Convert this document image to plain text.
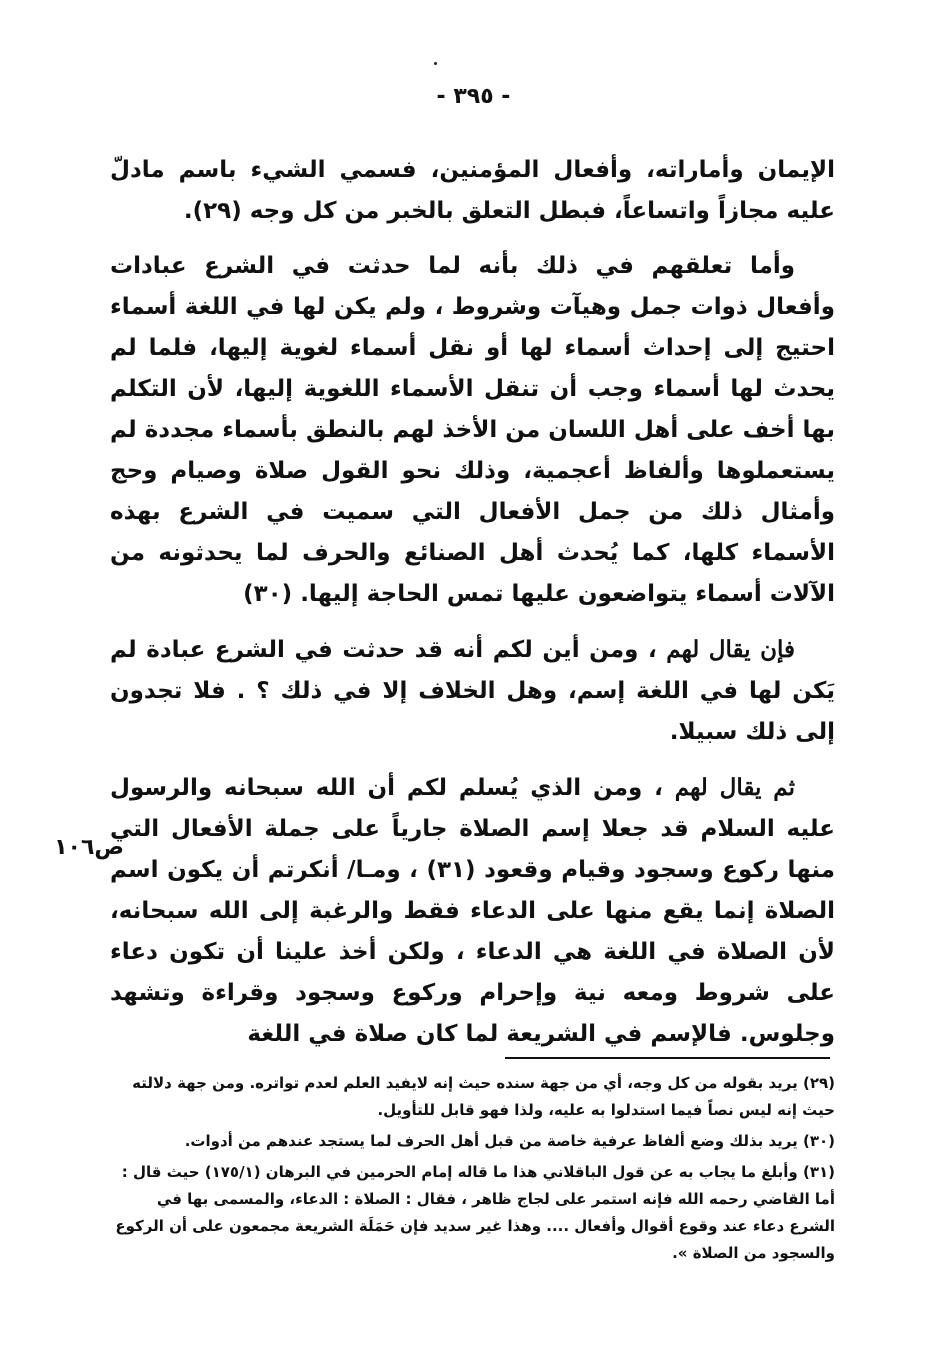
- ٣٩٥ -

الإيمان وأماراته، وأفعال المؤمنين، فسمي الشيء باسم مادلّ عليه مجازاً واتساعاً، فبطل التعلق بالخبر من كل وجه (٢٩).

وأما تعلقهم في ذلك بأنه لما حدثت في الشرع عبادات وأفعال ذوات جمل وهيآت وشروط ، ولم يكن لها في اللغة أسماء احتيج إلى إحداث أسماء لها أو نقل أسماء لغوية إليها، فلما لم يحدث لها أسماء وجب أن تنقل الأسماء اللغوية إليها، لأن التكلم بها أخف على أهل اللسان من الأخذ لهم بالنطق بأسماء مجددة لم يستعملوها وألفاظ أعجمية، وذلك نحو القول صلاة وصيام وحج وأمثال ذلك من جمل الأفعال التي سميت في الشرع بهذه الأسماء كلها، كما يُحدث أهل الصنائع والحرف لما يحدثونه من الآلات أسماء يتواضعون عليها تمس الحاجة إليها. (٣٠)

فإن يقال لهم ، ومن أين لكم أنه قد حدثت في الشرع عبادة لم يَكن لها في اللغة إسم، وهل الخلاف إلا في ذلك ؟ . فلا تجدون إلى ذلك سبيلا.

ثم يقال لهم ، ومن الذي يُسلم لكم أن الله سبحانه والرسول عليه السلام قد جعلا إسم الصلاة جارياً على جملة الأفعال التي منها ركوع وسجود وقيام وقعود (٣١) ، ومـا/ أنكرتم أن يكون اسم الصلاة إنما يقع منها على الدعاء فقط والرغبة إلى الله سبحانه، لأن الصلاة في اللغة هي الدعاء ، ولكن أخذ علينا أن تكون دعاء على شروط ومعه نية وإحرام وركوع وسجود وقراءة وتشهد وجلوس. فالإسم في الشريعة لما كان صلاة في اللغة

ص١٠٦
(٢٩) يريد بقوله من كل وجه، أي من جهة سنده حيث إنه لايفيد العلم لعدم تواتره. ومن جهة دلالته حيث إنه ليس نصاً فيما استدلوا به عليه، ولذا فهو قابل للتأويل.
(٣٠) يريد بذلك وضع ألفاظ عرفية خاصة من قبل أهل الحرف لما يستجد عندهم من أدوات.
(٣١) وأبلغ ما يجاب به عن قول الباقلاني هذا ما قاله إمام الحرمين في البرهان (١٧٥/١) حيث قال : أما القاضي رحمه الله فإنه استمر على لجاج ظاهر ، فقال : الصلاة : الدعاء، والمسمى بها في الشرع دعاء عند وقوع أقوال وأفعال .... وهذا غير سديد فإن حَمَلَة الشريعة مجمعون على أن الركوع والسجود من الصلاة ».
